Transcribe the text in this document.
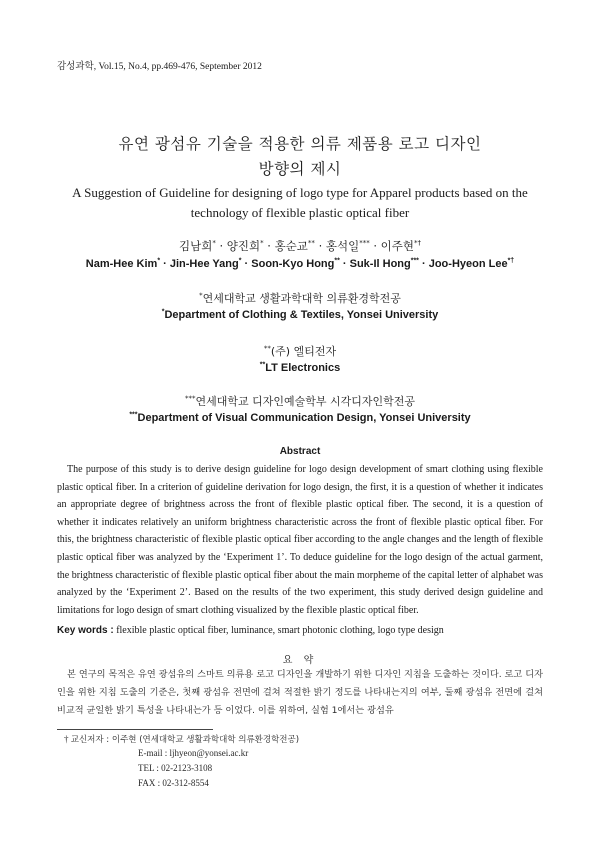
감성과학, Vol.15, No.4, pp.469-476, September 2012
유연 광섬유 기술을 적용한 의류 제품용 로고 디자인
방향의 제시
A Suggestion of Guideline for designing of logo type for Apparel products based on the
technology of flexible plastic optical fiber
김남희* · 양진희* · 홍순교** · 홍석일*** · 이주현*†
Nam-Hee Kim* · Jin-Hee Yang* · Soon-Kyo Hong** · Suk-Il Hong*** · Joo-Hyeon Lee*†
*연세대학교 생활과학대학 의류환경학전공
*Department of Clothing & Textiles, Yonsei University
**(주) 엘티전자
**LT Electronics
***연세대학교 디자인예술학부 시각디자인학전공
***Department of Visual Communication Design, Yonsei University
Abstract
The purpose of this study is to derive design guideline for logo design development of smart clothing using flexible plastic optical fiber. In a criterion of guideline derivation for logo design, the first, it is a question of whether it indicates an appropriate degree of brightness across the front of flexible plastic optical fiber. The second, it is a question of whether it indicates relatively an uniform brightness characteristic across the front of flexible plastic optical fiber. For this, the brightness characteristic of flexible plastic optical fiber according to the angle changes and the length of flexible plastic optical fiber was analyzed by the ‘Experiment 1’. To deduce guideline for the logo design of the actual garment, the brightness characteristic of flexible plastic optical fiber about the main morpheme of the capital letter of alphabet was analyzed by the ‘Experiment 2’. Based on the results of the two experiment, this study derived design guideline and limitations for logo design of smart clothing visualized by the flexible plastic optical fiber.
Key words : flexible plastic optical fiber, luminance, smart photonic clothing, logo type design
요 약
본 연구의 목적은 유연 광섬유의 스마트 의류용 로고 디자인을 개발하기 위한 디자인 지침을 도출하는 것이다. 로고 디자인을 위한 지침 도출의 기준은, 첫째 광섬유 전면에 걸쳐 적절한 밝기 정도를 나타내는지의 여부, 둘째 광섬유 전면에 걸쳐 비교적 균일한 밝기 특성을 나타내는가 등 이었다. 이를 위하여, 실험 1에서는 광섬유
† 교신저자 : 이주현 (연세대학교 생활과학대학 의류환경학전공)
E-mail : ljhyeon@yonsei.ac.kr
TEL : 02-2123-3108
FAX : 02-312-8554
